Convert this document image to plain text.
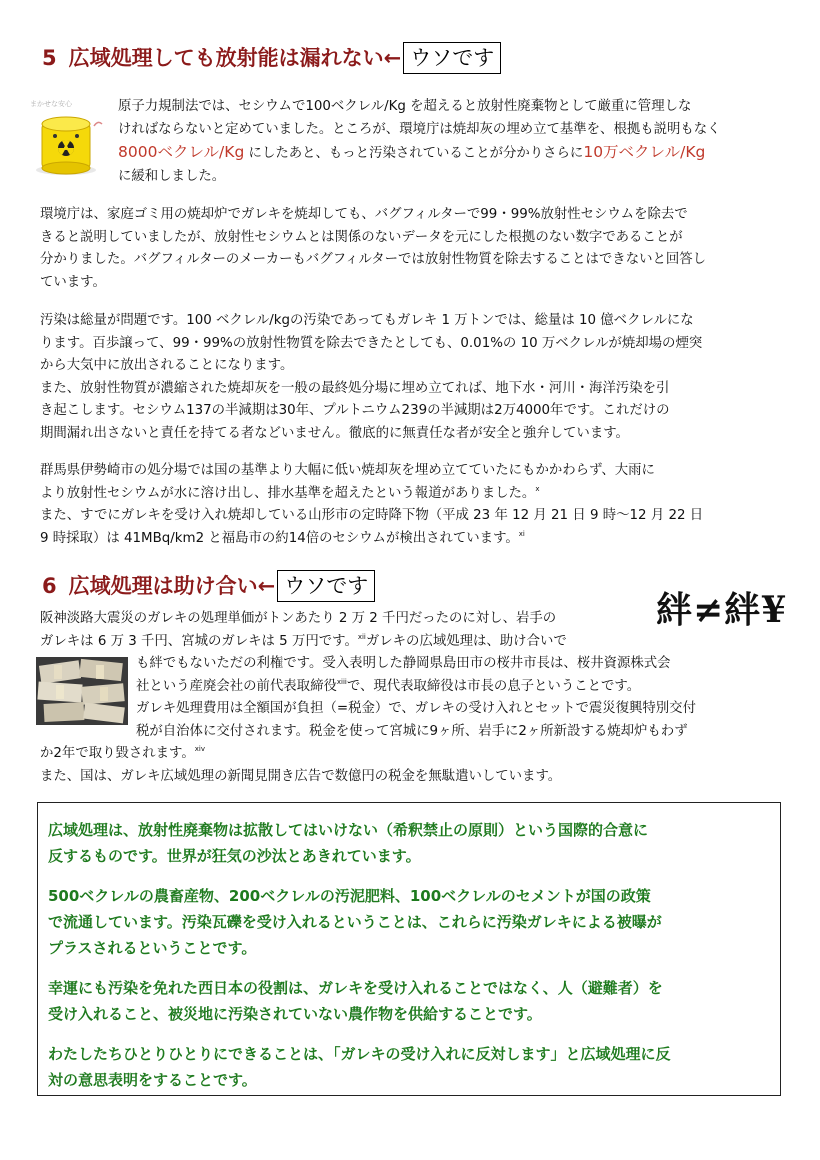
5 広域処理しても放射能は漏れない← ウソです
まかせな安心	原子力規制法では、セシウムで100ベクレル/Kg を超えると放射性廃棄物として厳重に管理しな
ければならないと定めていました。ところが、環境庁は焼却灰の埋め立て基準を、根拠も説明もなく
8000ベクレル/Kg にしたあと、もっと汚染されていることが分かりさらに10万ベクレル/Kg
に緩和しました。
環境庁は、家庭ゴミ用の焼却炉でガレキを焼却しても、バグフィルターで99・99%放射性セシウムを除去で
きると説明していましたが、放射性セシウムとは関係のないデータを元にした根拠のない数字であることが
分かりました。バグフィルターのメーカーもバグフィルターでは放射性物質を除去することはできないと回答し
ています。
汚染は総量が問題です。100 ベクレル/kgの汚染であってもガレキ 1 万トンでは、総量は 10 億ベクレルにな
ります。百歩譲って、99・99%の放射性物質を除去できたとしても、0.01%の 10 万ベクレルが焼却場の煙突
から大気中に放出されることになります。
また、放射性物質が濃縮された焼却灰を一般の最終処分場に埋め立てれば、地下水・河川・海洋汚染を引
き起こします。セシウム137の半減期は30年、プルトニウム239の半減期は2万4000年です。これだけの
期間漏れ出さないと責任を持てる者などいません。徹底的に無責任な者が安全と強弁しています。
群馬県伊勢崎市の処分場では国の基準より大幅に低い焼却灰を埋め立てていたにもかかわらず、大雨に
より放射性セシウムが水に溶け出し、排水基準を超えたという報道がありました。$^x$
また、すでにガレキを受け入れ焼却している山形市の定時降下物（平成 23 年 12 月 21 日 9 時～12 月 22 日
9 時採取）は 41MBq/km2 と福島市の約14倍のセシウムが検出されています。$^{xi}$
6 広域処理は助け合い← ウソです
絆≠絆¥
阪神淡路大震災のガレキの処理単価がトンあたり 2 万 2 千円だったのに対し、岩手の
ガレキは 6 万 3 千円、宮城のガレキは 5 万円です。$^{xii}$ガレキの広域処理は、助け合いで
も絆でもないただの利権です。受入表明した静岡県島田市の桜井市長は、桜井資源株式会
社という産廃会社の前代表取締役$^{xiii}$で、現代表取締役は市長の息子ということです。
ガレキ処理費用は全額国が負担（=税金）で、ガレキの受け入れとセットで震災復興特別交付
税が自治体に交付されます。税金を使って宮城に9ヶ所、岩手に2ヶ所新設する焼却炉もわず
か2年で取り毀されます。$^{xiv}$
また、国は、ガレキ広域処理の新聞見開き広告で数億円の税金を無駄遣いしています。
広域処理は、放射性廃棄物は拡散してはいけない（希釈禁止の原則）という国際的合意に
反するものです。世界が狂気の沙汰とあきれています。
500ベクレルの農畜産物、200ベクレルの汚泥肥料、100ベクレルのセメントが国の政策
で流通しています。汚染瓦礫を受け入れるということは、これらに汚染ガレキによる被曝が
プラスされるということです。
幸運にも汚染を免れた西日本の役割は、ガレキを受け入れることではなく、人（避難者）を
受け入れること、被災地に汚染されていない農作物を供給することです。
わたしたちひとりひとりにできることは、「ガレキの受け入れに反対します」と広域処理に反
対の意思表明をすることです。
